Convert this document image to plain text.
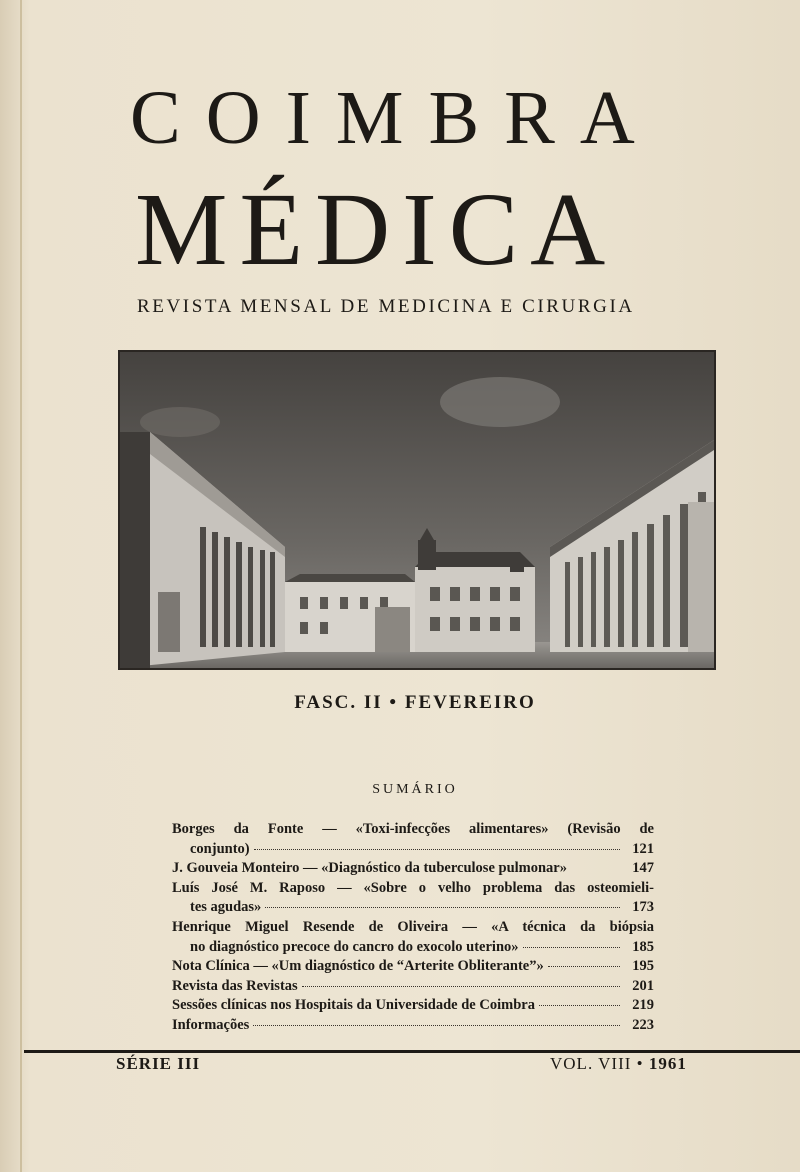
COIMBRA
MÉDICA
REVISTA MENSAL DE MEDICINA E CIRURGIA
FASC. II • FEVEREIRO
SUMÁRIO
Borges da Fonte — «Toxi-infecções alimentares» (Revisão de
conjunto)	121
J. Gouveia Monteiro — «Diagnóstico da tuberculose pulmonar»	147
Luís José M. Raposo — «Sobre o velho problema das osteomieli-
tes agudas»	173
Henrique Miguel Resende de Oliveira — «A técnica da biópsia
no diagnóstico precoce do cancro do exocolo uterino»	185
Nota Clínica — «Um diagnóstico de “Arterite Obliterante”»	195
Revista das Revistas	201
Sessões clínicas nos Hospitais da Universidade de Coimbra	219
Informações	223
SÉRIE III	VOL. VIII • 1961
